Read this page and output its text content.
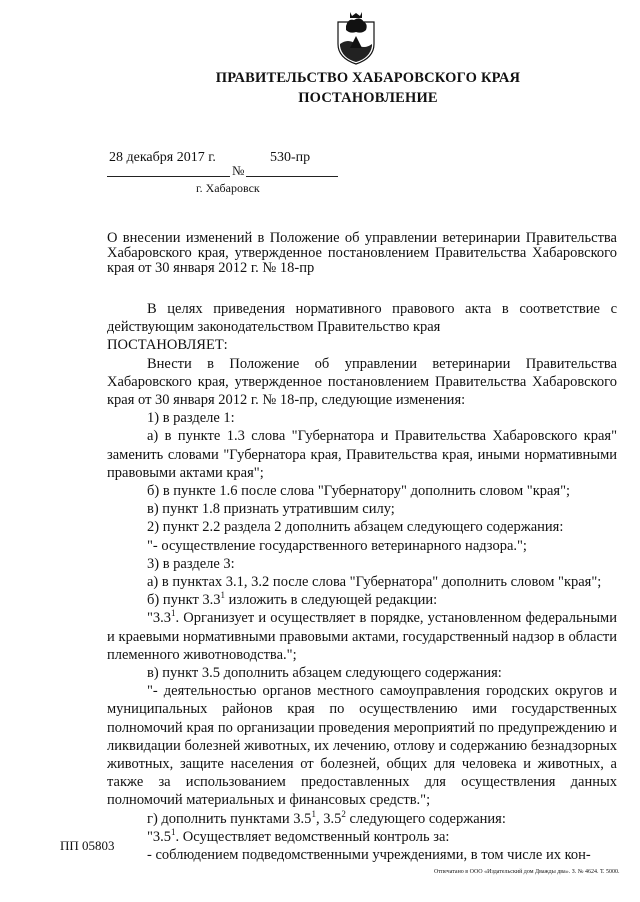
ПРАВИТЕЛЬСТВО ХАБАРОВСКОГО КРАЯ
ПОСТАНОВЛЕНИЕ
28 декабря 2017 г.	530-пр
№
г. Хабаровск
О внесении изменений в Положение об управлении ветеринарии Правительства Хабаровского края, утвержденное постановлением Правительства Хабаровского края от 30 января 2012 г. № 18-пр

В целях приведения нормативного правового акта в соответствие с действующим законодательством Правительство края

ПОСТАНОВЛЯЕТ:

Внести в Положение об управлении ветеринарии Правительства Хабаровского края, утвержденное постановлением Правительства Хабаровского края от 30 января 2012 г. № 18-пр, следующие изменения:

1) в разделе 1:

а) в пункте 1.3 слова "Губернатора и Правительства Хабаровского края" заменить словами "Губернатора края, Правительства края, иными нормативными правовыми актами края";

б) в пункте 1.6 после слова "Губернатору" дополнить словом "края";

в) пункт 1.8 признать утратившим силу;

2) пункт 2.2 раздела 2 дополнить абзацем следующего содержания:

"- осуществление государственного ветеринарного надзора.";

3) в разделе 3:

а) в пунктах 3.1, 3.2 после слова "Губернатора" дополнить словом "края";

б) пункт $3.3^1$ изложить в следующей редакции:

"$3.3^1$. Организует и осуществляет в порядке, установленном федеральными и краевыми нормативными правовыми актами, государственный надзор в области племенного животноводства.";

в) пункт 3.5 дополнить абзацем следующего содержания:

"- деятельностью органов местного самоуправления городских округов и муниципальных районов края по осуществлению ими государственных полномочий края по организации проведения мероприятий по предупреждению и ликвидации болезней животных, их лечению, отлову и содержанию безнадзорных животных, защите населения от болезней, общих для человека и животных, а также за использованием предоставленных для осуществления данных полномочий материальных и финансовых средств.";

г) дополнить пунктами $3.5^1$, $3.5^2$ следующего содержания:

"$3.5^1$. Осуществляет ведомственный контроль за:

- соблюдением подведомственными учреждениями, в том числе их кон-

ПП 05803
Отпечатано в ООО «Издательский дом Дважды два». З. № 4624. Т. 5000.
